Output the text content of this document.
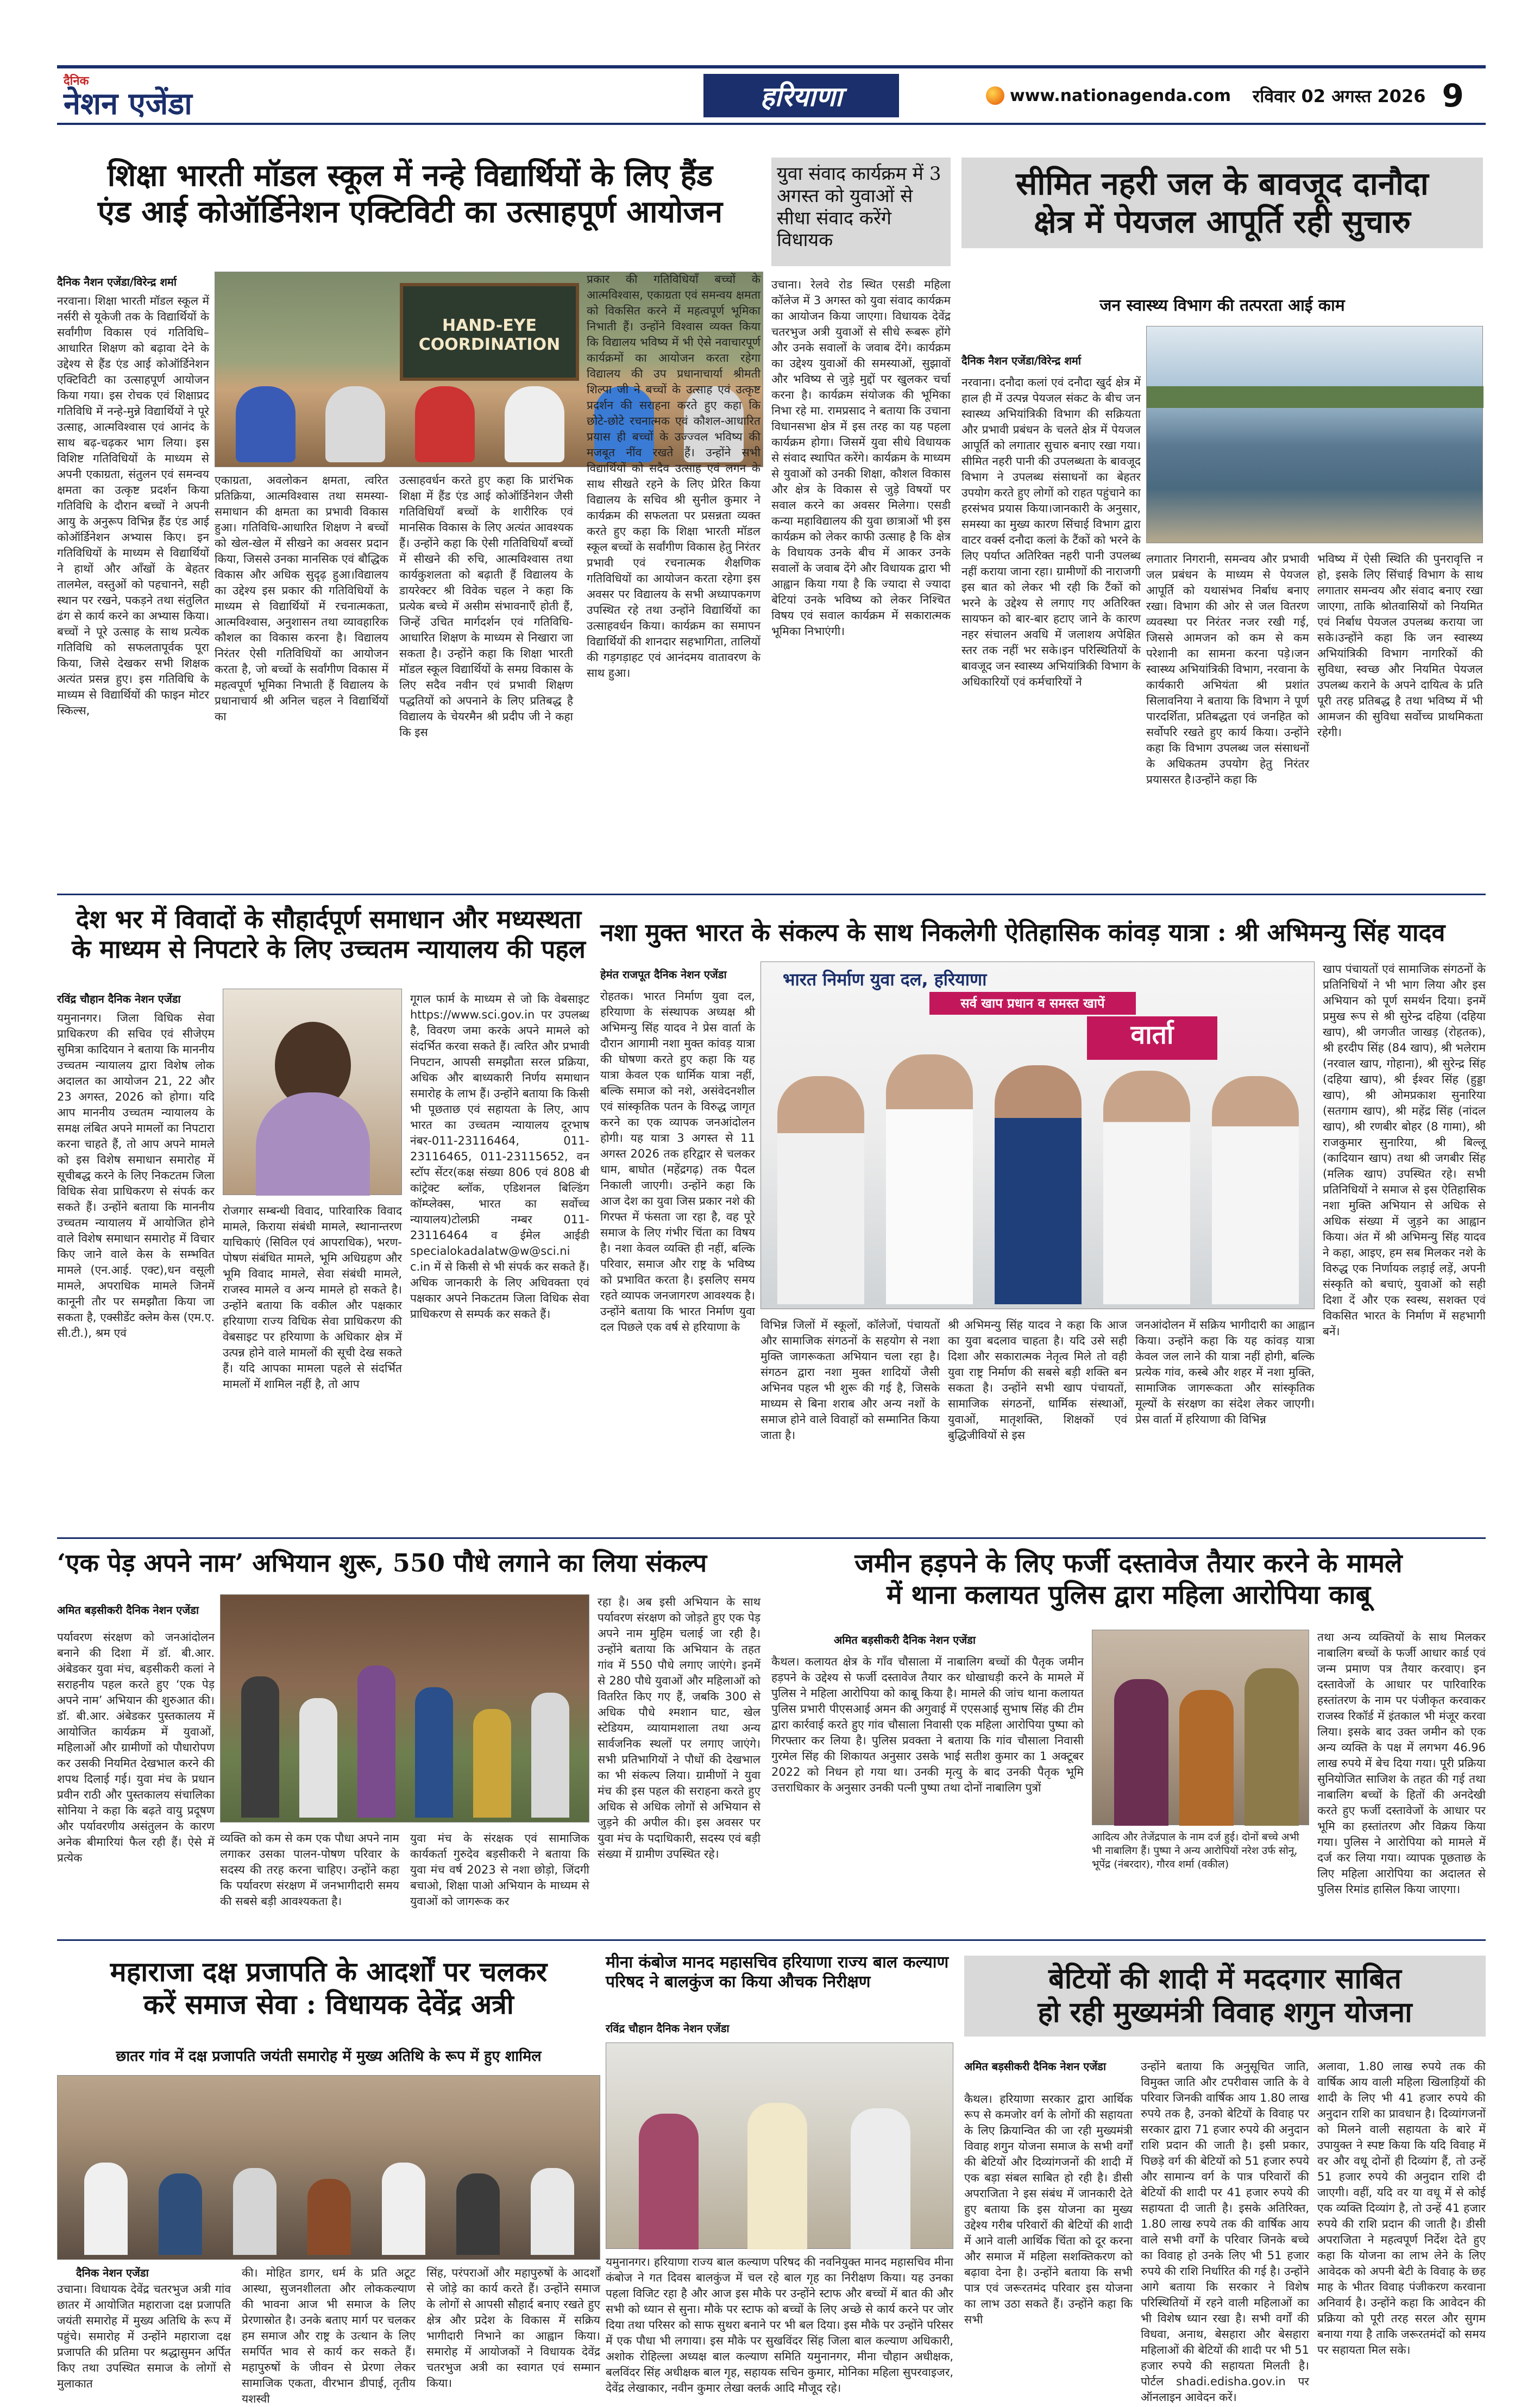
दैनिक
नेशन एजेंडा	हरियाणा	www.nationagenda.com रविवार 02 अगस्त 2026 9
शिक्षा भारती मॉडल स्कूल में नन्हे विद्यार्थियों के लिए हैंड
एंड आई कोऑर्डिनेशन एक्टिविटी का उत्साहपूर्ण आयोजन
दैनिक नैशन एजेंडा/विरेन्द्र शर्मा
HAND-EYE COORDINATION
नरवाना। शिक्षा भारती मॉडल स्कूल में नर्सरी से यूकेजी तक के विद्यार्थियों के सर्वांगीण विकास एवं गतिविधि–आधारित शिक्षण को बढ़ावा देने के उद्देश्य से हैंड एंड आई कोऑर्डिनेशन एक्टिविटी का उत्साहपूर्ण आयोजन किया गया। इस रोचक एवं शिक्षाप्रद गतिविधि में नन्हे-मुन्ने विद्यार्थियों ने पूरे उत्साह, आत्मविश्वास एवं आनंद के साथ बढ़-चढ़कर भाग लिया। इस विशिष्ट गतिविधियों के माध्यम से अपनी एकाग्रता, संतुलन एवं समन्वय क्षमता का उत्कृष्ट प्रदर्शन किया गतिविधि के दौरान बच्चों ने अपनी आयु के अनुरूप विभिन्न हैंड एंड आई कोऑर्डिनेशन अभ्यास किए। इन गतिविधियों के माध्यम से विद्यार्थियों ने हाथों और आँखों के बेहतर तालमेल, वस्तुओं को पहचानने, सही स्थान पर रखने, पकड़ने तथा संतुलित ढंग से कार्य करने का अभ्यास किया। बच्चों ने पूरे उत्साह के साथ प्रत्येक गतिविधि को सफलतापूर्वक पूरा किया, जिसे देखकर सभी शिक्षक अत्यंत प्रसन्न हुए। इस गतिविधि के माध्यम से विद्यार्थियों की फाइन मोटर स्किल्स,
एकाग्रता, अवलोकन क्षमता, त्वरित प्रतिक्रिया, आत्मविश्वास तथा समस्या-समाधान की क्षमता का प्रभावी विकास हुआ। गतिविधि-आधारित शिक्षण ने बच्चों को खेल-खेल में सीखने का अवसर प्रदान किया, जिससे उनका मानसिक एवं बौद्धिक विकास और अधिक सुदृढ़ हुआ।विद्यालय का उद्देश्य इस प्रकार की गतिविधियों के माध्यम से विद्यार्थियों में रचनात्मकता, आत्मविश्वास, अनुशासन तथा व्यावहारिक कौशल का विकास करना है। विद्यालय निरंतर ऐसी गतिविधियों का आयोजन करता है, जो बच्चों के सर्वांगीण विकास में महत्वपूर्ण भूमिका निभाती हैं विद्यालय के प्रधानाचार्य श्री अनिल चहल ने विद्यार्थियों का
उत्साहवर्धन करते हुए कहा कि प्रारंभिक शिक्षा में हैंड एंड आई कोऑर्डिनेशन जैसी गतिविधियाँ बच्चों के शारीरिक एवं मानसिक विकास के लिए अत्यंत आवश्यक हैं। उन्होंने कहा कि ऐसी गतिविधियाँ बच्चों में सीखने की रुचि, आत्मविश्वास तथा कार्यकुशलता को बढ़ाती हैं विद्यालय के डायरेक्टर श्री विवेक चहल ने कहा कि प्रत्येक बच्चे में असीम संभावनाएँ होती हैं, जिन्हें उचित मार्गदर्शन एवं गतिविधि-आधारित शिक्षण के माध्यम से निखारा जा सकता है। उन्होंने कहा कि शिक्षा भारती मॉडल स्कूल विद्यार्थियों के समग्र विकास के लिए सदैव नवीन एवं प्रभावी शिक्षण पद्धतियों को अपनाने के लिए प्रतिबद्ध है विद्यालय के चेयरमैन श्री प्रदीप जी ने कहा कि इस
प्रकार की गतिविधियाँ बच्चों के आत्मविश्वास, एकाग्रता एवं समन्वय क्षमता को विकसित करने में महत्वपूर्ण भूमिका निभाती हैं। उन्होंने विश्वास व्यक्त किया कि विद्यालय भविष्य में भी ऐसे नवाचारपूर्ण कार्यक्रमों का आयोजन करता रहेगा विद्यालय की उप प्रधानाचार्या श्रीमती शिल्पा जी ने बच्चों के उत्साह एवं उत्कृष्ट प्रदर्शन की सराहना करते हुए कहा कि छोटे-छोटे रचनात्मक एवं कौशल-आधारित प्रयास ही बच्चों के उज्ज्वल भविष्य की मजबूत नींव रखते हैं। उन्होंने सभी विद्यार्थियों को सदैव उत्साह एवं लगन के साथ सीखते रहने के लिए प्रेरित किया विद्यालय के सचिव श्री सुनील कुमार ने कार्यक्रम की सफलता पर प्रसन्नता व्यक्त करते हुए कहा कि शिक्षा भारती मॉडल स्कूल बच्चों के सर्वांगीण विकास हेतु निरंतर प्रभावी एवं रचनात्मक शैक्षणिक गतिविधियों का आयोजन करता रहेगा इस अवसर पर विद्यालय के सभी अध्यापकगण उपस्थित रहे तथा उन्होंने विद्यार्थियों का उत्साहवर्धन किया। कार्यक्रम का समापन विद्यार्थियों की शानदार सहभागिता, तालियों की गड़गड़ाहट एवं आनंदमय वातावरण के साथ हुआ।
युवा संवाद कार्यक्रम में 3 अगस्त को युवाओं से सीधा संवाद करेंगे विधायक
उचाना। रेलवे रोड स्थित एसडी महिला कॉलेज में 3 अगस्त को युवा संवाद कार्यक्रम का आयोजन किया जाएगा। विधायक देवेंद्र चतरभुज अत्री युवाओं से सीधे रूबरू होंगे और उनके सवालों के जवाब देंगे। कार्यक्रम का उद्देश्य युवाओं की समस्याओं, सुझावों और भविष्य से जुड़े मुद्दों पर खुलकर चर्चा करना है। कार्यक्रम संयोजक की भूमिका निभा रहे मा. रामप्रसाद ने बताया कि उचाना विधानसभा क्षेत्र में इस तरह का यह पहला कार्यक्रम होगा। जिसमें युवा सीधे विधायक से संवाद स्थापित करेंगे। कार्यक्रम के माध्यम से युवाओं को उनकी शिक्षा, कौशल विकास और क्षेत्र के विकास से जुड़े विषयों पर सवाल करने का अवसर मिलेगा। एसडी कन्या महाविद्यालय की युवा छात्राओं भी इस कार्यक्रम को लेकर काफी उत्साह है कि क्षेत्र के विधायक उनके बीच में आकर उनके सवालों के जवाब देंगे और विधायक द्वारा भी आह्वान किया गया है कि ज्यादा से ज्यादा बेटियां उनके भविष्य को लेकर निश्चित विषय एवं सवाल कार्यक्रम में सकारात्मक भूमिका निभाएंगी।
सीमित नहरी जल के बावजूद दानौदा
क्षेत्र में पेयजल आपूर्ति रही सुचारु
जन स्वास्थ्य विभाग की तत्परता आई काम
दैनिक नैशन एजेंडा/विरेन्द्र शर्मा
नरवाना। दनौदा कलां एवं दनौदा खुर्द क्षेत्र में हाल ही में उत्पन्न पेयजल संकट के बीच जन स्वास्थ्य अभियांत्रिकी विभाग की सक्रियता और प्रभावी प्रबंधन के चलते क्षेत्र में पेयजल आपूर्ति को लगातार सुचारु बनाए रखा गया। सीमित नहरी पानी की उपलब्धता के बावजूद विभाग ने उपलब्ध संसाधनों का बेहतर उपयोग करते हुए लोगों को राहत पहुंचाने का हरसंभव प्रयास किया।जानकारी के अनुसार, समस्या का मुख्य कारण सिंचाई विभाग द्वारा वाटर वर्क्स दनौदा कलां के टैंकों को भरने के लिए पर्याप्त अतिरिक्त नहरी पानी उपलब्ध नहीं कराया जाना रहा। ग्रामीणों की नाराजगी इस बात को लेकर भी रही कि टैंकों को भरने के उद्देश्य से लगाए गए अतिरिक्त सायफन को बार-बार हटाए जाने के कारण नहर संचालन अवधि में जलाशय अपेक्षित स्तर तक नहीं भर सके।इन परिस्थितियों के बावजूद जन स्वास्थ्य अभियांत्रिकी विभाग के अधिकारियों एवं कर्मचारियों ने
लगातार निगरानी, समन्वय और प्रभावी जल प्रबंधन के माध्यम से पेयजल आपूर्ति को यथासंभव निर्बाध बनाए रखा। विभाग की ओर से जल वितरण व्यवस्था पर निरंतर नजर रखी गई, जिससे आमजन को कम से कम परेशानी का सामना करना पड़े।जन स्वास्थ्य अभियांत्रिकी विभाग, नरवाना के कार्यकारी अभियंता श्री प्रशांत सिलावनिया ने बताया कि विभाग ने पूर्ण पारदर्शिता, प्रतिबद्धता एवं जनहित को सर्वोपरि रखते हुए कार्य किया। उन्होंने कहा कि विभाग उपलब्ध जल संसाधनों के अधिकतम उपयोग हेतु निरंतर प्रयासरत है।उन्होंने कहा कि
भविष्य में ऐसी स्थिति की पुनरावृत्ति न हो, इसके लिए सिंचाई विभाग के साथ लगातार समन्वय और संवाद बनाए रखा जाएगा, ताकि श्रोतवासियों को नियमित एवं निर्बाध पेयजल उपलब्ध कराया जा सके।उन्होंने कहा कि जन स्वास्थ्य अभियांत्रिकी विभाग नागरिकों की सुविधा, स्वच्छ और नियमित पेयजल उपलब्ध कराने के अपने दायित्व के प्रति पूरी तरह प्रतिबद्ध है तथा भविष्य में भी आमजन की सुविधा सर्वोच्च प्राथमिकता रहेगी।
देश भर में विवादों के सौहार्दपूर्ण समाधान और मध्यस्थता
के माध्यम से निपटारे के लिए उच्चतम न्यायालय की पहल
रविंद्र चौहान दैनिक नेशन एजेंडा
यमुनानगर। जिला विधिक सेवा प्राधिकरण की सचिव एवं सीजेएम सुमित्रा कादियान ने बताया कि माननीय उच्चतम न्यायालय द्वारा विशेष लोक अदालत का आयोजन 21, 22 और 23 अगस्त, 2026 को होगा। यदि आप माननीय उच्चतम न्यायालय के समक्ष लंबित अपने मामलों का निपटारा करना चाहते हैं, तो आप अपने मामले को इस विशेष समाधान समारोह में सूचीबद्ध करने के लिए निकटतम जिला विधिक सेवा प्राधिकरण से संपर्क कर सकते हैं। उन्होंने बताया कि माननीय उच्चतम न्यायालय में आयोजित होने वाले विशेष समाधान समारोह में विचार किए जाने वाले केस के सम्भवित मामले (एन.आई. एक्ट),धन वसूली मामले, अपराधिक मामले जिनमें कानूनी तौर पर समझौता किया जा सकता है, एक्सीडेंट क्लेम केस (एम.ए. सी.टी.), श्रम एवं
रोजगार सम्बन्धी विवाद, पारिवारिक विवाद मामले, किराया संबंधी मामले, स्थानान्तरण याचिकाएं (सिविल एवं आपराधिक), भरण-पोषण संबंधित मामले, भूमि अधिग्रहण और भूमि विवाद मामले, सेवा संबंधी मामले, राजस्व मामले व अन्य मामले हो सकते है। उन्होंने बताया कि वकील और पक्षकार हरियाणा राज्य विधिक सेवा प्राधिकरण की वेबसाइट पर हरियाणा के अधिकार क्षेत्र में उत्पन्न होने वाले मामलों की सूची देख सकते हैं। यदि आपका मामला पहले से संदर्भित मामलों में शामिल नहीं है, तो आप
गूगल फार्म के माध्यम से जो कि वेबसाइट https://www.sci.gov.in पर उपलब्ध है, विवरण जमा करके अपने मामले को संदर्भित करवा सकते हैं। त्वरित और प्रभावी निपटान, आपसी समझौता सरल प्रक्रिया, अधिक और बाध्यकारी निर्णय समाधान समारोह के लाभ हैं। उन्होंने बताया कि किसी भी पूछताछ एवं सहायता के लिए, आप भारत का उच्चतम न्यायालय दूरभाष नंबर-011-23116464, 011-23116465, 011-23115652, वन स्टॉप सेंटर(कक्ष संख्या 806 एवं 808 बी कांट्रेक्ट ब्लॉक, एडिशनल बिल्डिंग कॉम्प्लेक्स, भारत का सर्वोच्च न्यायालय)टोलफ्री नम्बर 011-23116464 व ईमेल आईडी specialokadalatw@w@sci.ni c.in में से किसी से भी संपर्क कर सकते हैं। अधिक जानकारी के लिए अधिवक्ता एवं पक्षकार अपने निकटतम जिला विधिक सेवा प्राधिकरण से सम्पर्क कर सकते हैं।
नशा मुक्त भारत के संकल्प के साथ निकलेगी ऐतिहासिक कांवड़ यात्रा : श्री अभिमन्यु सिंह यादव
हेमंत राजपूत दैनिक नेशन एजेंडा	भारत निर्माण युवा दल, हरियाणा
सर्व खाप प्रधान व समस्त खापें
वार्ता
रोहतक। भारत निर्माण युवा दल, हरियाणा के संस्थापक अध्यक्ष श्री अभिमन्यु सिंह यादव ने प्रेस वार्ता के दौरान आगामी नशा मुक्त कांवड़ यात्रा की घोषणा करते हुए कहा कि यह यात्रा केवल एक धार्मिक यात्रा नहीं, बल्कि समाज को नशे, असंवेदनशील एवं सांस्कृतिक पतन के विरुद्ध जागृत करने का एक व्यापक जनआंदोलन होगी। यह यात्रा 3 अगस्त से 11 अगस्त 2026 तक हरिद्वार से चलकर धाम, बाघोत (महेंद्रगढ़) तक पैदल निकाली जाएगी। उन्होंने कहा कि आज देश का युवा जिस प्रकार नशे की गिरफ्त में फंसता जा रहा है, वह पूरे समाज के लिए गंभीर चिंता का विषय है। नशा केवल व्यक्ति ही नहीं, बल्कि परिवार, समाज और राष्ट्र के भविष्य को प्रभावित करता है। इसलिए समय रहते व्यापक जनजागरण आवश्यक है। उन्होंने बताया कि भारत निर्माण युवा दल पिछले एक वर्ष से हरियाणा के	विभिन्न जिलों में स्कूलों, कॉलेजों, पंचायतों और सामाजिक संगठनों के सहयोग से नशा मुक्ति जागरूकता अभियान चला रहा है। संगठन द्वारा नशा मुक्त शादियों जैसी अभिनव पहल भी शुरू की गई है, जिसके माध्यम से बिना शराब और अन्य नशों के समाज होने वाले विवाहों को सम्मानित किया जाता है।
श्री अभिमन्यु सिंह यादव ने कहा कि आज का युवा बदलाव चाहता है। यदि उसे सही दिशा और सकारात्मक नेतृत्व मिले तो वही युवा राष्ट्र निर्माण की सबसे बड़ी शक्ति बन सकता है। उन्होंने सभी खाप पंचायतों, सामाजिक संगठनों, धार्मिक संस्थाओं, युवाओं, मातृशक्ति, शिक्षकों एवं बुद्धिजीवियों से इस
जनआंदोलन में सक्रिय भागीदारी का आह्वान किया। उन्होंने कहा कि यह कांवड़ यात्रा केवल जल लाने की यात्रा नहीं होगी, बल्कि प्रत्येक गांव, कस्बे और शहर में नशा मुक्ति, सामाजिक जागरूकता और सांस्कृतिक मूल्यों के संरक्षण का संदेश लेकर जाएगी। प्रेस वार्ता में हरियाणा की विभिन्न
खाप पंचायतों एवं सामाजिक संगठनों के प्रतिनिधियों ने भी भाग लिया और इस अभियान को पूर्ण समर्थन दिया। इनमें प्रमुख रूप से श्री सुरेन्द्र दहिया (दहिया खाप), श्री जगजीत जाखड़ (रोहतक), श्री हरदीप सिंह (84 खाप), श्री भलेराम (नरवाल खाप, गोहाना), श्री सुरेन्द्र सिंह (दहिया खाप), श्री ईश्वर सिंह (हुड्डा खाप), श्री ओमप्रकाश सुनारिया (सतगाम खाप), श्री महेंद्र सिंह (नांदल खाप), श्री रणबीर बोहर (8 गामा), श्री राजकुमार सुनारिया, श्री बिल्लू (कादियान खाप) तथा श्री जगबीर सिंह (मलिक खाप) उपस्थित रहे। सभी प्रतिनिधियों ने समाज से इस ऐतिहासिक नशा मुक्ति अभियान से अधिक से अधिक संख्या में जुड़ने का आह्वान किया। अंत में श्री अभिमन्यु सिंह यादव ने कहा, आइए, हम सब मिलकर नशे के विरुद्ध एक निर्णायक लड़ाई लड़ें, अपनी संस्कृति को बचाएं, युवाओं को सही दिशा दें और एक स्वस्थ, सशक्त एवं विकसित भारत के निर्माण में सहभागी बनें।
‘एक पेड़ अपने नाम’ अभियान शुरू, 550 पौधे लगाने का लिया संकल्प
अमित बड़सीकरी दैनिक नेशन एजेंडा
पर्यावरण संरक्षण को जनआंदोलन बनाने की दिशा में डॉ. बी.आर. अंबेडकर युवा मंच, बड़सीकरी कलां ने सराहनीय पहल करते हुए ‘एक पेड़ अपने नाम’ अभियान की शुरुआत की। डॉ. बी.आर. अंबेडकर पुस्तकालय में आयोजित कार्यक्रम में युवाओं, महिलाओं और ग्रामीणों को पौधारोपण कर उसकी नियमित देखभाल करने की शपथ दिलाई गई। युवा मंच के प्रधान प्रवीन राठी और पुस्तकालय संचालिका सोनिया ने कहा कि बढ़ते वायु प्रदूषण और पर्यावरणीय असंतुलन के कारण अनेक बीमारियां फैल रही हैं। ऐसे में प्रत्येक
व्यक्ति को कम से कम एक पौधा अपने नाम लगाकर उसका पालन-पोषण परिवार के सदस्य की तरह करना चाहिए। उन्होंने कहा कि पर्यावरण संरक्षण में जनभागीदारी समय की सबसे बड़ी आवश्यकता है।
युवा मंच के संरक्षक एवं सामाजिक कार्यकर्ता गुरुदेव बड़सीकरी ने बताया कि युवा मंच वर्ष 2023 से नशा छोड़ो, जिंदगी बचाओ, शिक्षा पाओ अभियान के माध्यम से युवाओं को जागरूक कर
रहा है। अब इसी अभियान के साथ पर्यावरण संरक्षण को जोड़ते हुए एक पेड़ अपने नाम मुहिम चलाई जा रही है। उन्होंने बताया कि अभियान के तहत गांव में 550 पौधे लगाए जाएंगे। इनमें से 280 पौधे युवाओं और महिलाओं को वितरित किए गए हैं, जबकि 300 से अधिक पौधे श्मशान घाट, खेल स्टेडियम, व्यायामशाला तथा अन्य सार्वजनिक स्थलों पर लगाए जाएंगे। सभी प्रतिभागियों ने पौधों की देखभाल का भी संकल्प लिया। ग्रामीणों ने युवा मंच की इस पहल की सराहना करते हुए अधिक से अधिक लोगों से अभियान से जुड़ने की अपील की। इस अवसर पर युवा मंच के पदाधिकारी, सदस्य एवं बड़ी संख्या में ग्रामीण उपस्थित रहे।
जमीन हड़पने के लिए फर्जी दस्तावेज तैयार करने के मामले
में थाना कलायत पुलिस द्वारा महिला आरोपिया काबू
अमित बड़सीकरी दैनिक नेशन एजेंडा
कैथल। कलायत क्षेत्र के गाँव चौसाला में नाबालिग बच्चों की पैतृक जमीन हड़पने के उद्देश्य से फर्जी दस्तावेज तैयार कर धोखाधड़ी करने के मामले में पुलिस ने महिला आरोपिया को काबू किया है। मामले की जांच थाना कलायत पुलिस प्रभारी पीएसआई अमन की अगुवाई में एएसआई सुभाष सिंह की टीम द्वारा कार्रवाई करते हुए गांव चौसाला निवासी एक महिला आरोपिया पुष्पा को गिरफ्तार कर लिया है। पुलिस प्रवक्ता ने बताया कि गांव चौसाला निवासी गुरमेल सिंह की शिकायत अनुसार उसके भाई सतीश कुमार का 1 अक्टूबर 2022 को निधन हो गया था। उनकी मृत्यु के बाद उनकी पैतृक भूमि उत्तराधिकार के अनुसार उनकी पत्नी पुष्पा तथा दोनों नाबालिग पुत्रों
आदित्य और तेजेंद्रपाल के नाम दर्ज हुई। दोनों बच्चे अभी भी नाबालिग हैं। पुष्पा ने अन्य आरोपियों नरेश उर्फ सोनू, भूपेंद्र (नंबरदार), गौरव शर्मा (वकील)
तथा अन्य व्यक्तियों के साथ मिलकर नाबालिग बच्चों के फर्जी आधार कार्ड एवं जन्म प्रमाण पत्र तैयार करवाए। इन दस्तावेजों के आधार पर पारिवारिक हस्तांतरण के नाम पर पंजीकृत करवाकर राजस्व रिकॉर्ड में इंतकाल भी मंजूर करवा लिया। इसके बाद उक्त जमीन को एक अन्य व्यक्ति के पक्ष में लगभग 46.96 लाख रुपये में बेच दिया गया। पूरी प्रक्रिया सुनियोजित साजिश के तहत की गई तथा नाबालिग बच्चों के हितों की अनदेखी करते हुए फर्जी दस्तावेजों के आधार पर भूमि का हस्तांतरण और विक्रय किया गया। पुलिस ने आरोपिया को मामले में दर्ज कर लिया गया। व्यापक पूछताछ के लिए महिला आरोपिया का अदालत से पुलिस रिमांड हासिल किया जाएगा।
महाराजा दक्ष प्रजापति के आदर्शों पर चलकर
करें समाज सेवा : विधायक देवेंद्र अत्री
छातर गांव में दक्ष प्रजापति जयंती समारोह में मुख्य अतिथि के रूप में हुए शामिल
दैनिक नेशन एजेंडा
उचाना। विधायक देवेंद्र चतरभुज अत्री गांव छातर में आयोजित महाराजा दक्ष प्रजापति जयंती समारोह में मुख्य अतिथि के रूप में पहुंचे। समारोह में उन्होंने महाराजा दक्ष प्रजापति की प्रतिमा पर श्रद्धासुमन अर्पित किए तथा उपस्थित समाज के लोगों से मुलाकात
की। मोहित डागर, धर्म के प्रति अटूट आस्था, सुजनशीलता और लोककल्याण की भावना आज भी समाज के लिए प्रेरणास्रोत है। उनके बताए मार्ग पर चलकर हम समाज और राष्ट्र के उत्थान के लिए समर्पित भाव से कार्य कर सकते हैं। महापुरुषों के जीवन से प्रेरणा लेकर सामाजिक एकता, वीरभान डीपाई, तृतीय यशस्वी
सिंह, परंपराओं और महापुरुषों के आदर्शों से जोड़े का कार्य करते हैं। उन्होंने समाज के लोगों से आपसी सौहार्द बनाए रखते हुए क्षेत्र और प्रदेश के विकास में सक्रिय भागीदारी निभाने का आह्वान किया। समारोह में आयोजकों ने विधायक देवेंद्र चतरभुज अत्री का स्वागत एवं सम्मान किया।
मीना कंबोज मानद महासचिव हरियाणा राज्य बाल कल्याण परिषद ने बालकुंज का किया औचक निरीक्षण
रविंद्र चौहान दैनिक नेशन एजेंडा
यमुनानगर। हरियाणा राज्य बाल कल्याण परिषद की नवनियुक्त मानद महासचिव मीना कंबोज ने गत दिवस बालकुंज में चल रहे बाल गृह का निरीक्षण किया। यह उनका पहला विजिट रहा है और आज इस मौके पर उन्होंने स्टाफ और बच्चों में बात की और सभी को ध्यान से सुना। मौके पर स्टाफ को बच्चों के लिए अच्छे से कार्य करने पर जोर दिया तथा परिसर को साफ सुथरा बनाने पर भी बल दिया। इस मौके पर उन्होंने परिसर में एक पौधा भी लगाया। इस मौके पर सुखविंदर सिंह जिला बाल कल्याण अधिकारी, अशोक रोहिल्ला अध्यक्ष बाल कल्याण समिति यमुनानगर, मीना चौहान अधीक्षक, बलविंदर सिंह अधीक्षक बाल गृह, सहायक सचिन कुमार, मोनिका महिला सुपरवाइजर, देवेंद्र लेखाकार, नवीन कुमार लेखा क्लर्क आदि मौजूद रहे।
बेटियों की शादी में मददगार साबित
हो रही मुख्यमंत्री विवाह शगुन योजना
अमित बड़सीकरी दैनिक नेशन एजेंडा
कैथल। हरियाणा सरकार द्वारा आर्थिक रूप से कमजोर वर्ग के लोगों की सहायता के लिए क्रियान्वित की जा रही मुख्यमंत्री विवाह शगुन योजना समाज के सभी वर्गों की बेटियों और दिव्यांगजनों की शादी में एक बड़ा संबल साबित हो रही है। डीसी अपराजिता ने इस संबंध में जानकारी देते हुए बताया कि इस योजना का मुख्य उद्देश्य गरीब परिवारों की बेटियों की शादी में आने वाली आर्थिक चिंता को दूर करना और समाज में महिला सशक्तिकरण को बढ़ावा देना है। उन्होंने बताया कि सभी पात्र एवं जरूरतमंद परिवार इस योजना का लाभ उठा सकते हैं। उन्होंने कहा कि सभी
उन्होंने बताया कि अनुसूचित जाति, विमुक्त जाति और टपरीवास जाति के वे परिवार जिनकी वार्षिक आय 1.80 लाख रुपये तक है, उनको बेटियों के विवाह पर सरकार द्वारा 71 हजार रुपये की अनुदान राशि प्रदान की जाती है। इसी प्रकार, पिछड़े वर्ग की बेटियों को 51 हजार रुपये और सामान्य वर्ग के पात्र परिवारों की बेटियों की शादी पर 41 हजार रुपये की सहायता दी जाती है। इसके अतिरिक्त, 1.80 लाख रुपये तक की वार्षिक आय वाले सभी वर्गों के परिवार जिनके बच्चे का विवाह हो उनके लिए भी 51 हजार रुपये की राशि निर्धारित की गई है। उन्होंने आगे बताया कि सरकार ने विशेष परिस्थितियों में रहने वाली महिलाओं का भी विशेष ध्यान रखा है। सभी वर्गों की विधवा, अनाथ, बेसहारा और बेसहारा महिलाओं की बेटियों की शादी पर भी 51 हजार रुपये की सहायता मिलती है। पोर्टल shadi.edisha.gov.in पर ऑनलाइन आवेदन करें।
अलावा, 1.80 लाख रुपये तक की वार्षिक आय वाली महिला खिलाड़ियों की शादी के लिए भी 41 हजार रुपये की अनुदान राशि का प्रावधान है। दिव्यांगजनों को मिलने वाली सहायता के बारे में उपायुक्त ने स्पष्ट किया कि यदि विवाह में वर और वधू दोनों ही दिव्यांग हैं, तो उन्हें 51 हजार रुपये की अनुदान राशि दी जाएगी। वहीं, यदि वर या वधू में से कोई एक व्यक्ति दिव्यांग है, तो उन्हें 41 हजार रुपये की राशि प्रदान की जाती है। डीसी अपराजिता ने महत्वपूर्ण निर्देश देते हुए कहा कि योजना का लाभ लेने के लिए आवेदक को अपनी बेटी के विवाह के छह माह के भीतर विवाह पंजीकरण करवाना अनिवार्य है। उन्होंने कहा कि आवेदन की प्रक्रिया को पूरी तरह सरल और सुगम बनाया गया है ताकि जरूरतमंदों को समय पर सहायता मिल सके।
